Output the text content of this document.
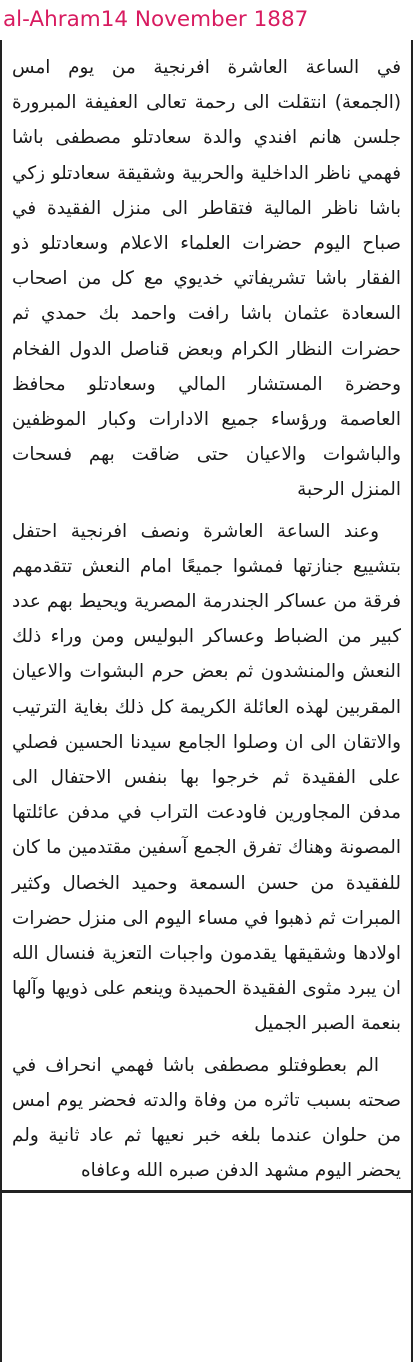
al-Ahram14 November 1887

في الساعة العاشرة افرنجية من يوم امس (الجمعة) انتقلت الى رحمة تعالى العفيفة المبرورة جلسن هانم افندي والدة سعادتلو مصطفى باشا فهمي ناظر الداخلية والحربية وشقيقة سعادتلو زكي باشا ناظر المالية فتقاطر الى منزل الفقيدة في صباح اليوم حضرات العلماء الاعلام وسعادتلو ذو الفقار باشا تشريفاتي خديوي مع كل من اصحاب السعادة عثمان باشا رافت واحمد بك حمدي ثم حضرات النظار الكرام وبعض قناصل الدول الفخام وحضرة المستشار المالي وسعادتلو محافظ العاصمة ورؤساء جميع الادارات وكبار الموظفين والباشوات والاعيان حتى ضاقت بهم فسحات المنزل الرحبة

وعند الساعة العاشرة ونصف افرنجية احتفل بتشييع جنازتها فمشوا جميعًا امام النعش تتقدمهم فرقة من عساكر الجندرمة المصرية ويحيط بهم عدد كبير من الضباط وعساكر البوليس ومن وراء ذلك النعش والمنشدون ثم بعض حرم البشوات والاعيان المقربين لهذه العائلة الكريمة كل ذلك بغاية الترتيب والاتقان الى ان وصلوا الجامع سيدنا الحسين فصلي على الفقيدة ثم خرجوا بها بنفس الاحتفال الى مدفن المجاورين فاودعت التراب في مدفن عائلتها المصونة وهناك تفرق الجمع آسفين مقتدمين ما كان للفقيدة من حسن السمعة وحميد الخصال وكثير المبرات ثم ذهبوا في مساء اليوم الى منزل حضرات اولادها وشقيقها يقدمون واجبات التعزية فنسال الله ان يبرد مثوى الفقيدة الحميدة وينعم على ذويها وآلها بنعمة الصبر الجميل

الم بعطوفتلو مصطفى باشا فهمي انحراف في صحته بسبب تاثره من وفاة والدته فحضر يوم امس من حلوان عندما بلغه خبر نعيها ثم عاد ثانية ولم يحضر اليوم مشهد الدفن صبره الله وعافاه
